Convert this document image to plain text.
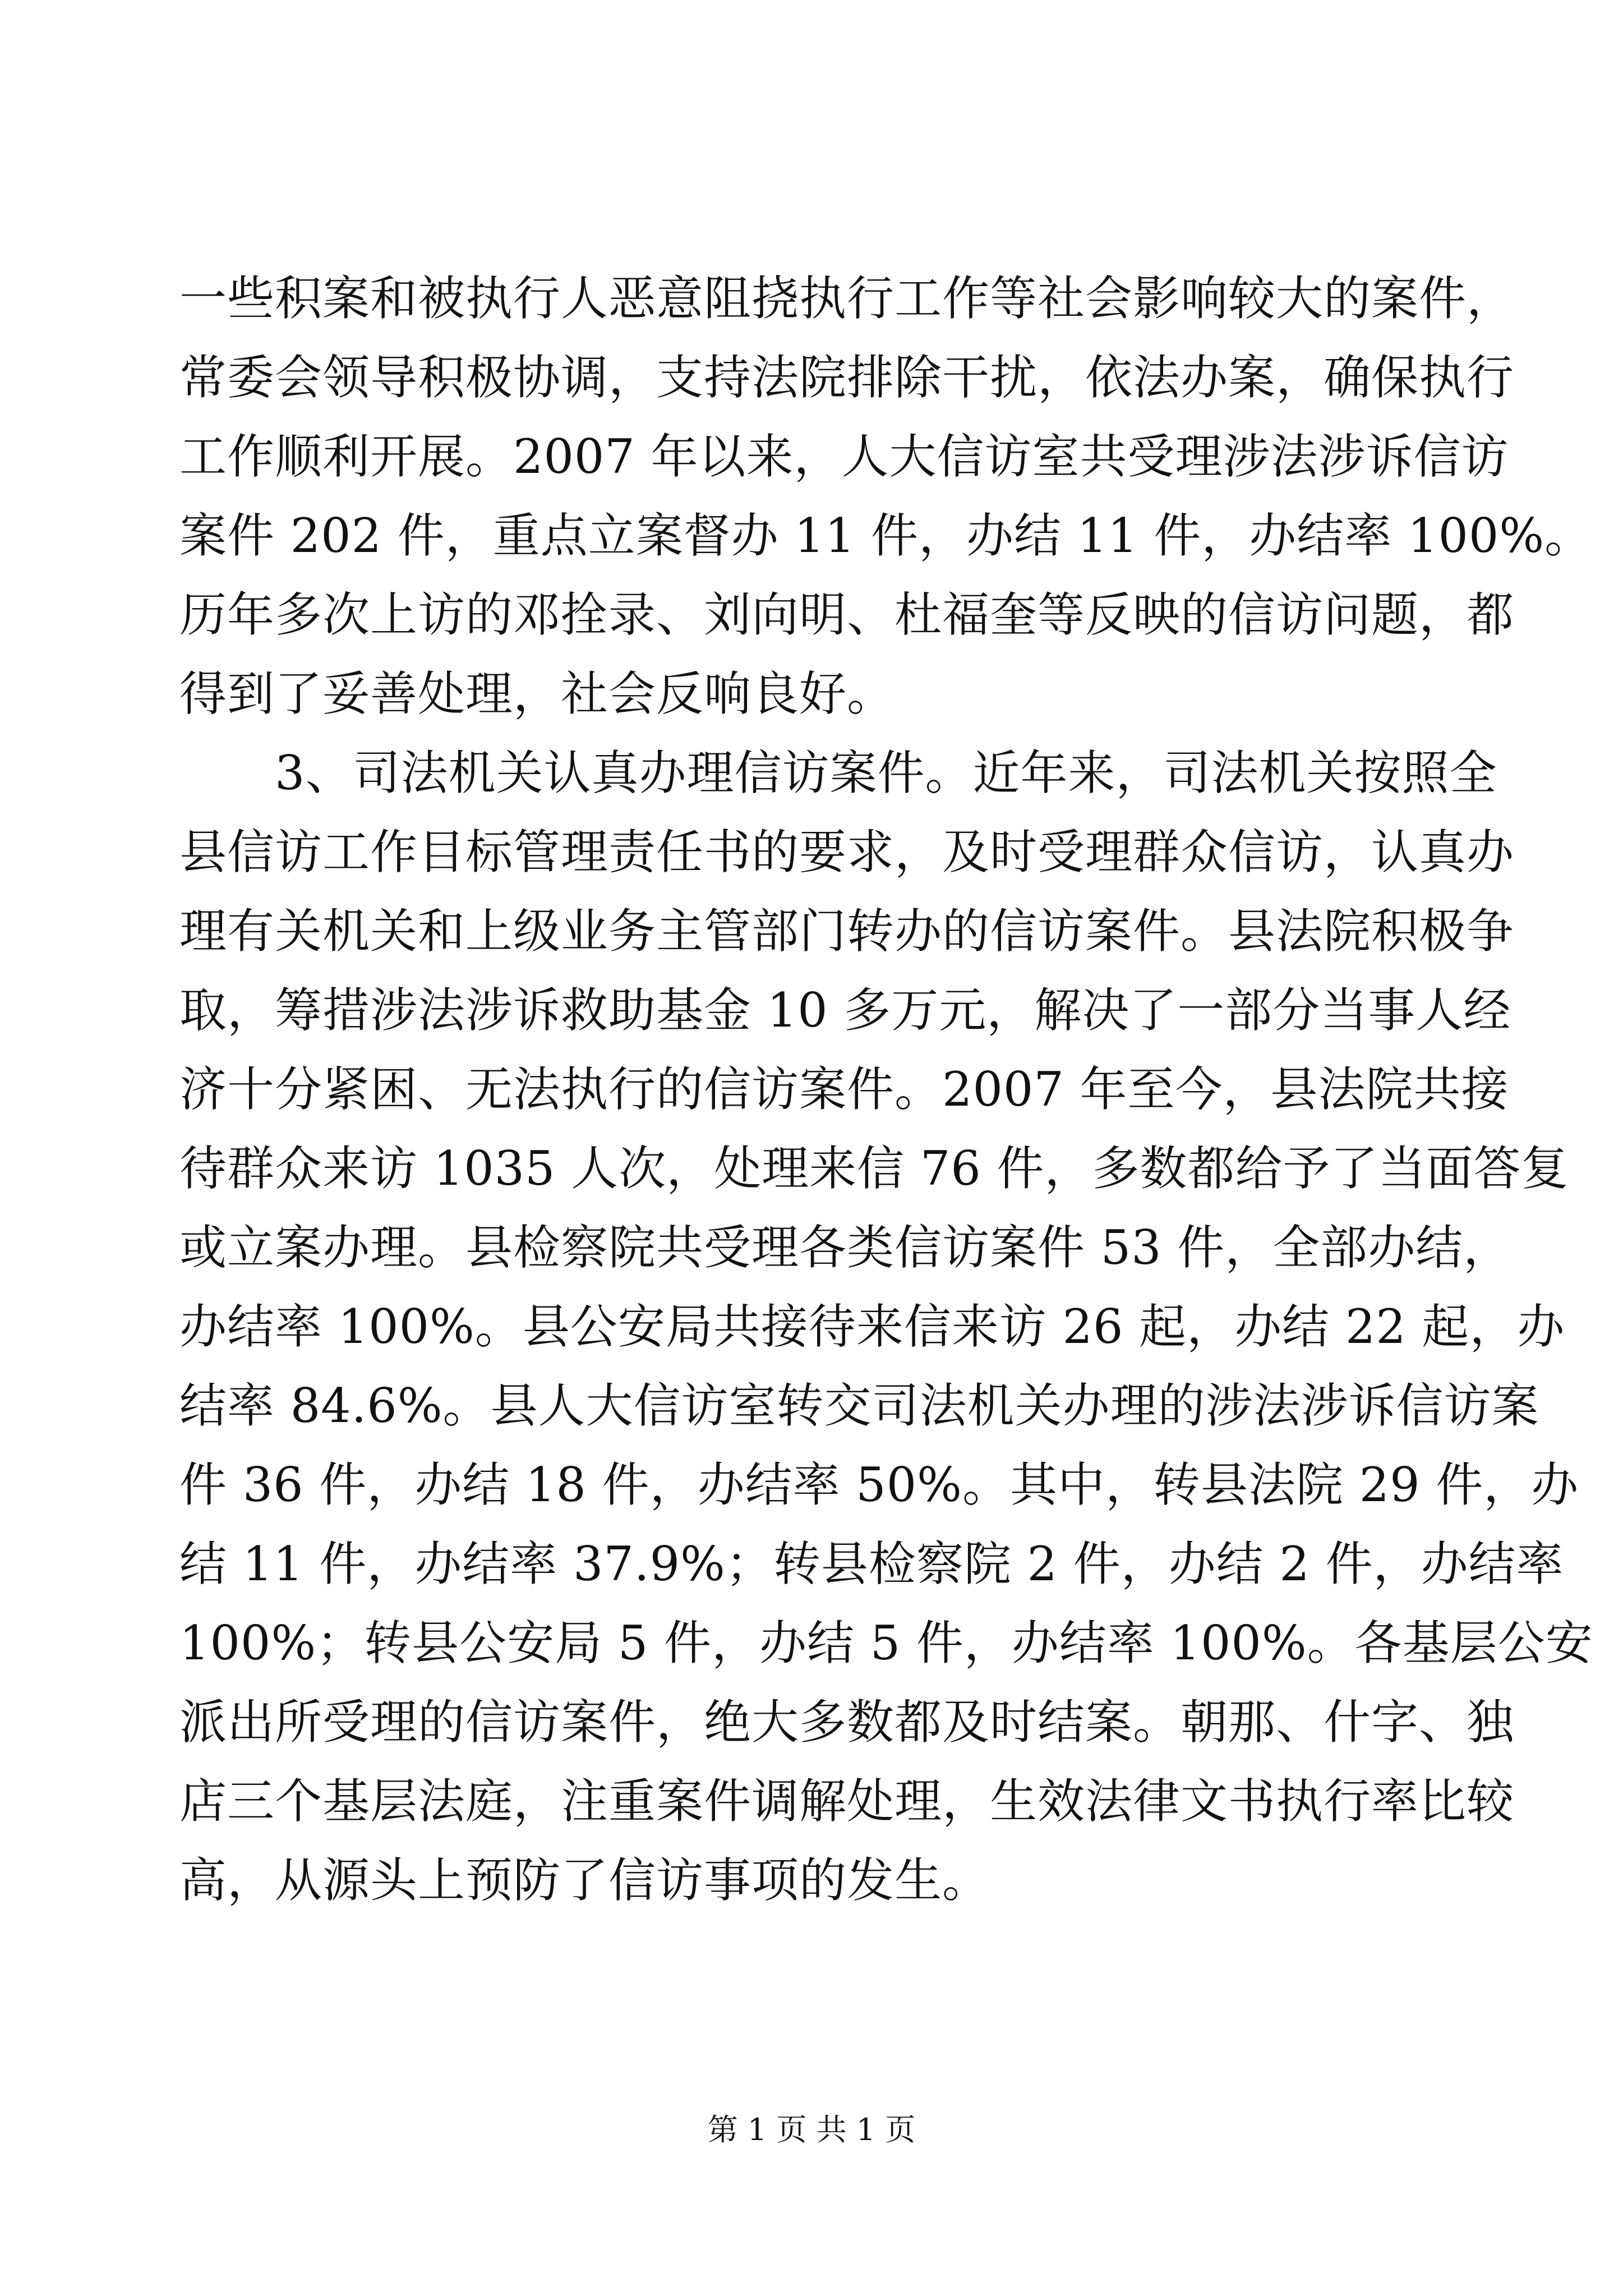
一些积案和被执行人恶意阻挠执行工作等社会影响较大的案件，
常委会领导积极协调，支持法院排除干扰，依法办案，确保执行
工作顺利开展。2007 年以来，人大信访室共受理涉法涉诉信访
案件 202 件，重点立案督办 11 件，办结 11 件，办结率 100%。
历年多次上访的邓拴录、刘向明、杜福奎等反映的信访问题，都
得到了妥善处理，社会反响良好。
3、司法机关认真办理信访案件。近年来，司法机关按照全
县信访工作目标管理责任书的要求，及时受理群众信访，认真办
理有关机关和上级业务主管部门转办的信访案件。县法院积极争
取，筹措涉法涉诉救助基金 10 多万元，解决了一部分当事人经
济十分紧困、无法执行的信访案件。2007 年至今，县法院共接
待群众来访 1035 人次，处理来信 76 件，多数都给予了当面答复
或立案办理。县检察院共受理各类信访案件 53 件，全部办结，
办结率 100%。县公安局共接待来信来访 26 起，办结 22 起，办
结率 84.6%。县人大信访室转交司法机关办理的涉法涉诉信访案
件 36 件，办结 18 件，办结率 50%。其中，转县法院 29 件，办
结 11 件，办结率 37.9%；转县检察院 2 件，办结 2 件，办结率
100%；转县公安局 5 件，办结 5 件，办结率 100%。各基层公安
派出所受理的信访案件，绝大多数都及时结案。朝那、什字、独
店三个基层法庭，注重案件调解处理，生效法律文书执行率比较
高，从源头上预防了信访事项的发生。
第 1 页 共 1 页
